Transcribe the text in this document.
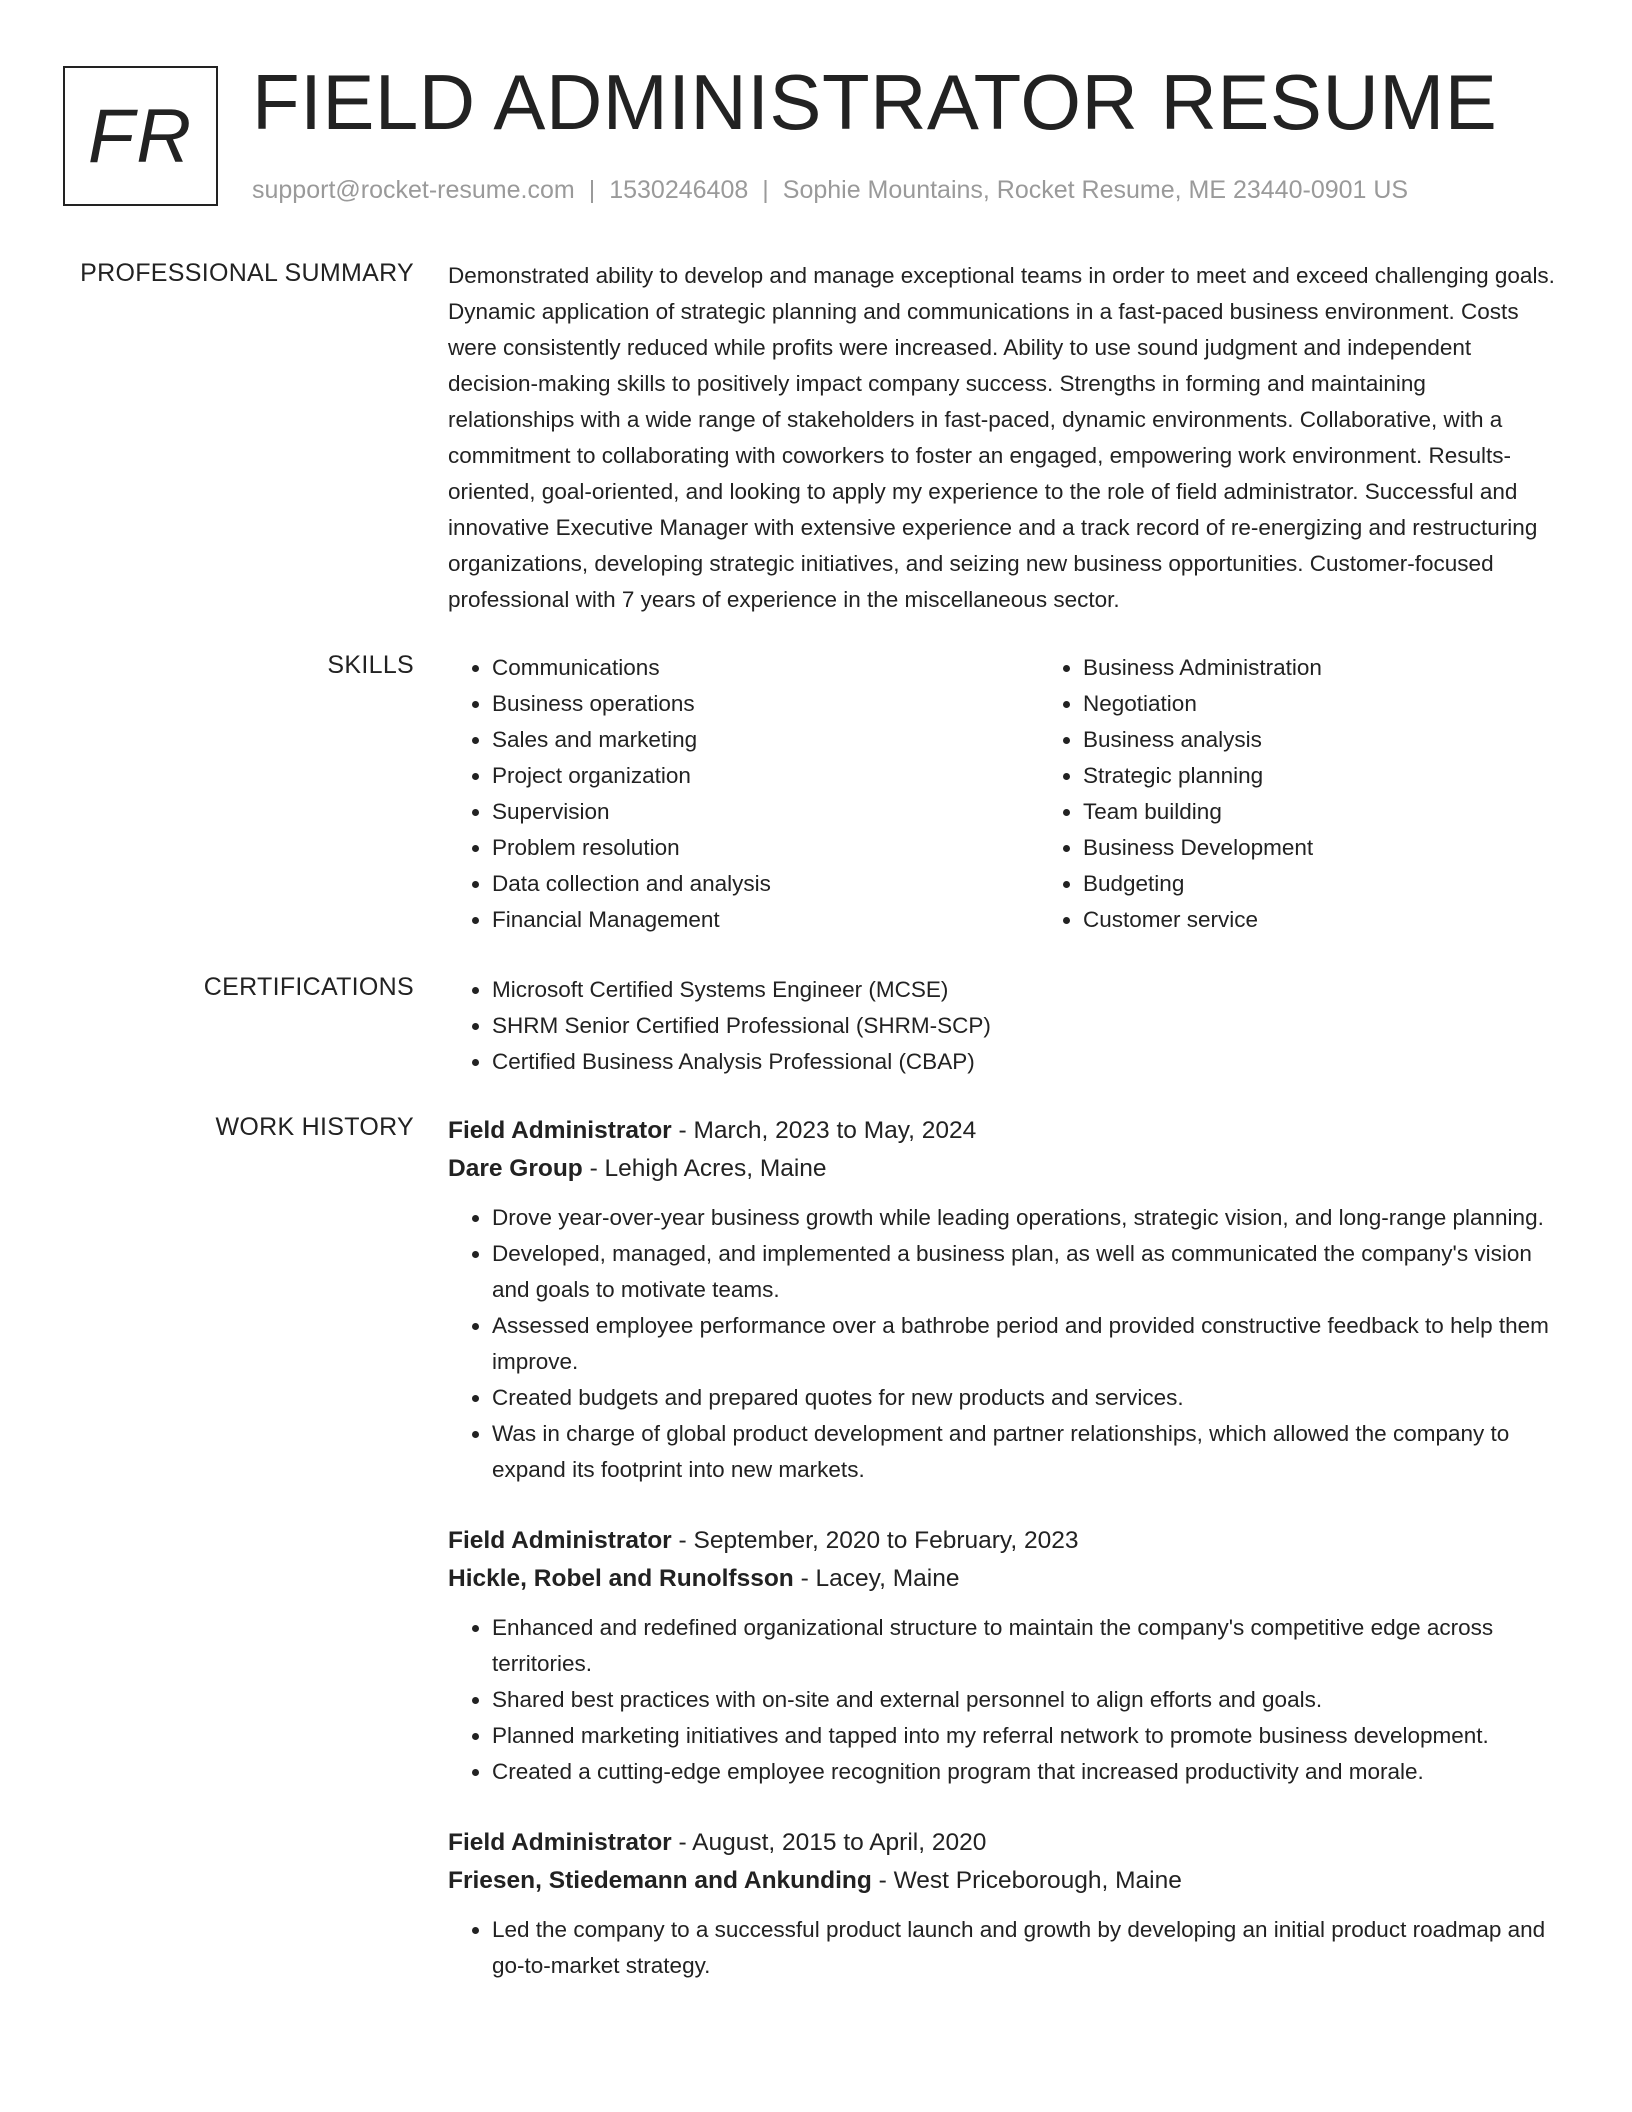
FR FIELD ADMINISTRATOR RESUME
support@rocket-resume.com | 1530246408 | Sophie Mountains, Rocket Resume, ME 23440-0901 US
PROFESSIONAL SUMMARY Demonstrated ability to develop and manage exceptional teams in order to meet and exceed challenging goals. Dynamic application of strategic planning and communications in a fast-paced business environment. Costs were consistently reduced while profits were increased. Ability to use sound judgment and independent decision-making skills to positively impact company success. Strengths in forming and maintaining relationships with a wide range of stakeholders in fast-paced, dynamic environments. Collaborative, with a commitment to collaborating with coworkers to foster an engaged, empowering work environment. Results-oriented, goal-oriented, and looking to apply my experience to the role of field administrator. Successful and innovative Executive Manager with extensive experience and a track record of re-energizing and restructuring organizations, developing strategic initiatives, and seizing new business opportunities. Customer-focused professional with 7 years of experience in the miscellaneous sector.

SKILLS	• Communications
• Business operations
• Sales and marketing
• Project organization
• Supervision
• Problem resolution
• Data collection and analysis
• Financial Management
• Business Administration
• Negotiation
• Business analysis
• Strategic planning
• Team building
• Business Development
• Budgeting
• Customer service
CERTIFICATIONS	• Microsoft Certified Systems Engineer (MCSE)
• SHRM Senior Certified Professional (SHRM-SCP)
• Certified Business Analysis Professional (CBAP)
WORK HISTORY Field Administrator - March, 2023 to May, 2024
Dare Group - Lehigh Acres, Maine
• Drove year-over-year business growth while leading operations, strategic vision, and long-range planning.
• Developed, managed, and implemented a business plan, as well as communicated the company's vision and goals to motivate teams.
• Assessed employee performance over a bathrobe period and provided constructive feedback to help them improve.
• Created budgets and prepared quotes for new products and services.
• Was in charge of global product development and partner relationships, which allowed the company to expand its footprint into new markets.
Field Administrator - September, 2020 to February, 2023
Hickle, Robel and Runolfsson - Lacey, Maine
• Enhanced and redefined organizational structure to maintain the company's competitive edge across territories.
• Shared best practices with on-site and external personnel to align efforts and goals.
• Planned marketing initiatives and tapped into my referral network to promote business development.
• Created a cutting-edge employee recognition program that increased productivity and morale.
Field Administrator - August, 2015 to April, 2020
Friesen, Stiedemann and Ankunding - West Priceborough, Maine
• Led the company to a successful product launch and growth by developing an initial product roadmap and go-to-market strategy.
